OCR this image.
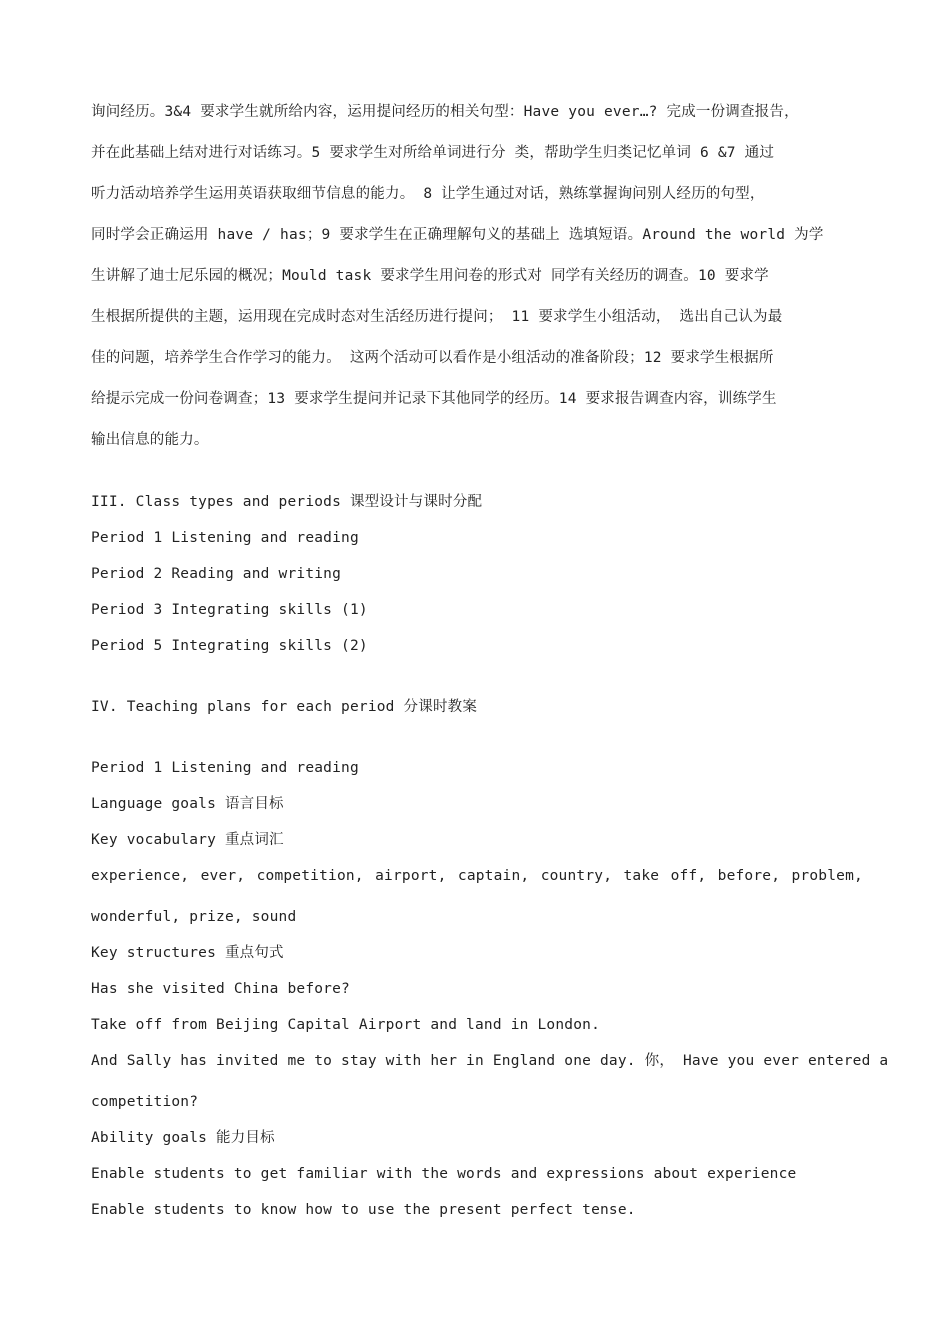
询问经历。3&4 要求学生就所给内容，运用提问经历的相关句型：Have you ever…? 完成一份调查报告，
并在此基础上结对进行对话练习。5 要求学生对所给单词进行分 类，帮助学生归类记忆单词 6 &7 通过
听力活动培养学生运用英语获取细节信息的能力。 8 让学生通过对话，熟练掌握询问别人经历的句型，
同时学会正确运用 have / has；9 要求学生在正确理解句义的基础上 选填短语。Around the world 为学
生讲解了迪士尼乐园的概况；Mould task 要求学生用问卷的形式对 同学有关经历的调查。10 要求学
生根据所提供的主题，运用现在完成时态对生活经历进行提问； 11 要求学生小组活动， 选出自己认为最
佳的问题，培养学生合作学习的能力。 这两个活动可以看作是小组活动的准备阶段；12 要求学生根据所
给提示完成一份问卷调查；13 要求学生提问并记录下其他同学的经历。14 要求报告调查内容，训练学生
输出信息的能力。
III. Class types and periods 课型设计与课时分配
Period 1 Listening and reading
Period 2 Reading and writing
Period 3 Integrating skills (1)
Period 5 Integrating skills (2)
IV. Teaching plans for each period 分课时教案
Period 1 Listening and reading
Language goals 语言目标
Key vocabulary 重点词汇
experience, ever, competition, airport, captain, country, take off, before, problem,
wonderful, prize, sound
Key structures 重点句式
Has she visited China before?
Take off from Beijing Capital Airport and land in London.
And Sally has invited me to stay with her in England one day. 你， Have you ever entered a
competition?
Ability goals 能力目标
Enable students to get familiar with the words and expressions about experience
Enable students to know how to use the present perfect tense.
